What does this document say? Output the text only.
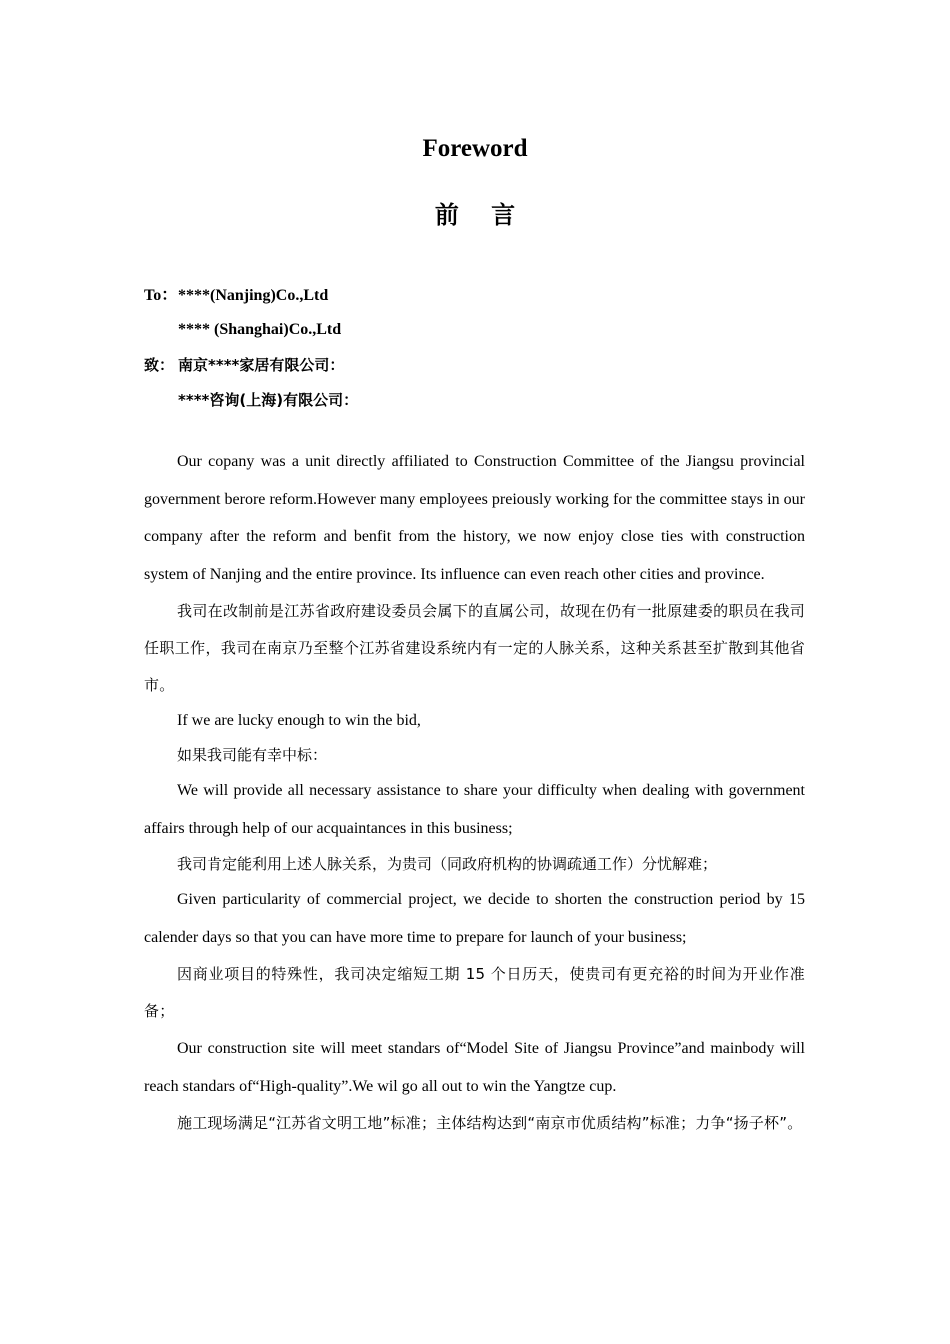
Foreword
前 言
To：****(Nanjing)Co.,Ltd
**** (Shanghai)Co.,Ltd
致： 南京****家居有限公司：
****咨询(上海)有限公司：

Our copany was a unit directly affiliated to Construction Committee of the Jiangsu provincial government berore reform.However many employees preiously working for the committee stays in our company after the reform and benfit from the history, we now enjoy close ties with construction system of Nanjing and the entire province. Its influence can even reach other cities and province.

我司在改制前是江苏省政府建设委员会属下的直属公司，故现在仍有一批原建委的职员在我司任职工作，我司在南京乃至整个江苏省建设系统内有一定的人脉关系，这种关系甚至扩散到其他省市。

If we are lucky enough to win the bid,

如果我司能有幸中标：

We will provide all necessary assistance to share your difficulty when dealing with government affairs through help of our acquaintances in this business;

我司肯定能利用上述人脉关系，为贵司（同政府机构的协调疏通工作）分忧解难；

Given particularity of commercial project, we decide to shorten the construction period by 15 calender days so that you can have more time to prepare for launch of your business;

因商业项目的特殊性，我司决定缩短工期 15 个日历天，使贵司有更充裕的时间为开业作准备；

Our construction site will meet standars of“Model Site of Jiangsu Province”and mainbody will reach standars of“High-quality”.We wil go all out to win the Yangtze cup.

施工现场满足“江苏省文明工地”标准；主体结构达到“南京市优质结构”标准；力争“扬子杯”。
